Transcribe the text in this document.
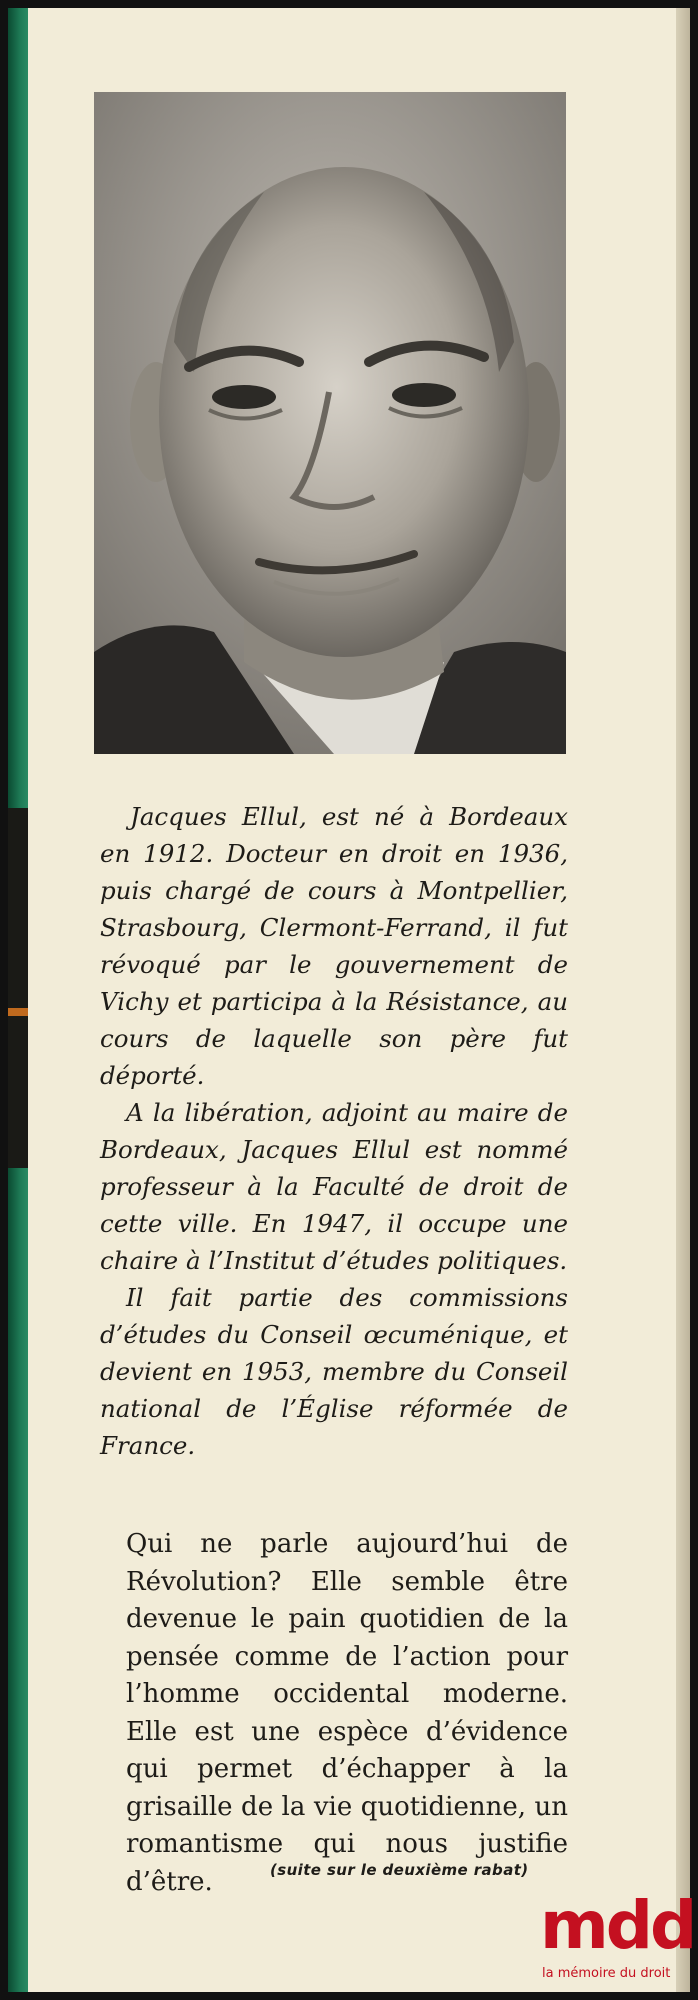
Jacques Ellul, est né à Bordeaux en 1912. Docteur en droit en 1936, puis chargé de cours à Montpellier, Strasbourg, Clermont-Ferrand, il fut révoqué par le gouvernement de Vichy et participa à la Résistance, au cours de laquelle son père fut déporté.

A la libération, adjoint au maire de Bordeaux, Jacques Ellul est nommé professeur à la Faculté de droit de cette ville. En 1947, il occupe une chaire à l’Institut d’études politiques.

Il fait partie des commissions d’études du Conseil œcuménique, et devient en 1953, membre du Conseil national de l’Église réformée de France.

Qui ne parle aujourd’hui de Révolution? Elle semble être devenue le pain quotidien de la pensée comme de l’action pour l’homme occidental moderne. Elle est une espèce d’évidence qui permet d’échapper à la grisaille de la vie quotidienne, un romantisme qui nous justifie d’être.	(suite sur le deuxième rabat)
mdd
la mémoire du droit
